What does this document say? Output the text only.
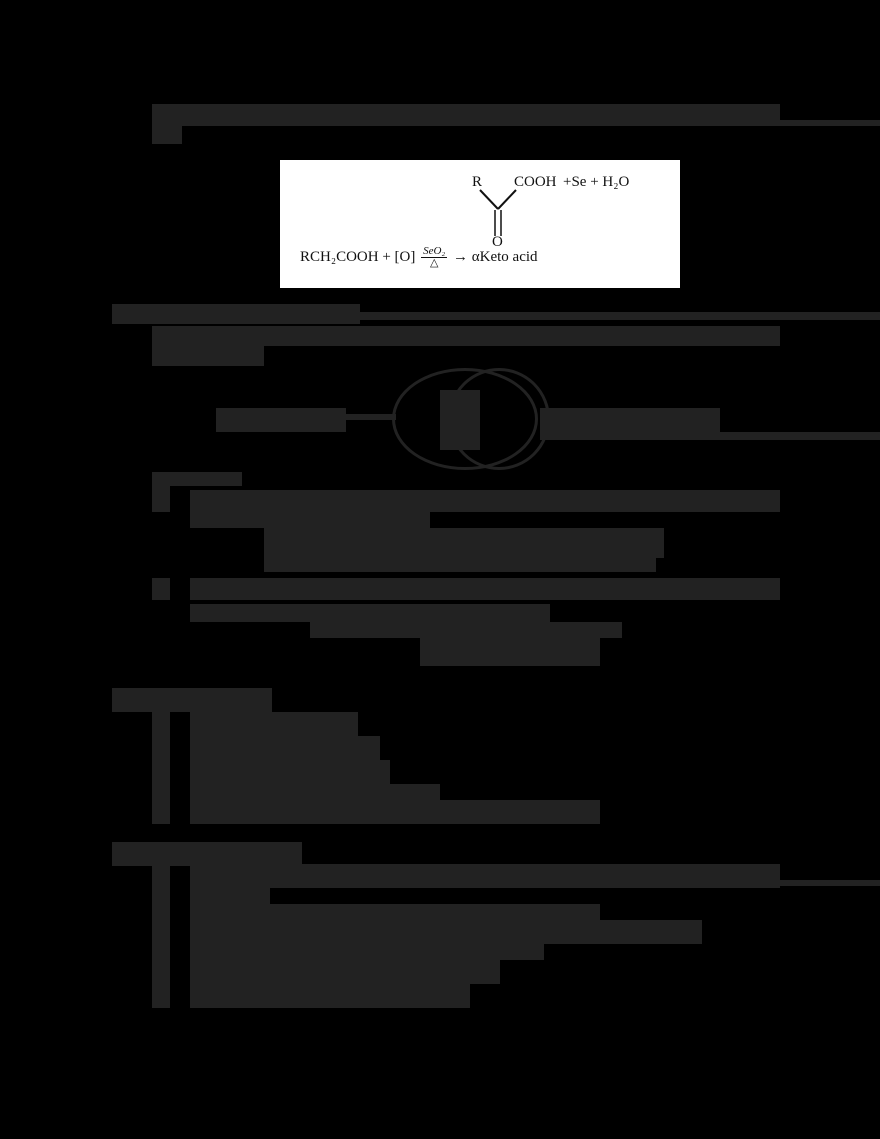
R COOH +Se + H₂O
O
RCH₂COOH + $[O] \frac{\text{SeO₂}}{\triangle}$ → αKeto acid
